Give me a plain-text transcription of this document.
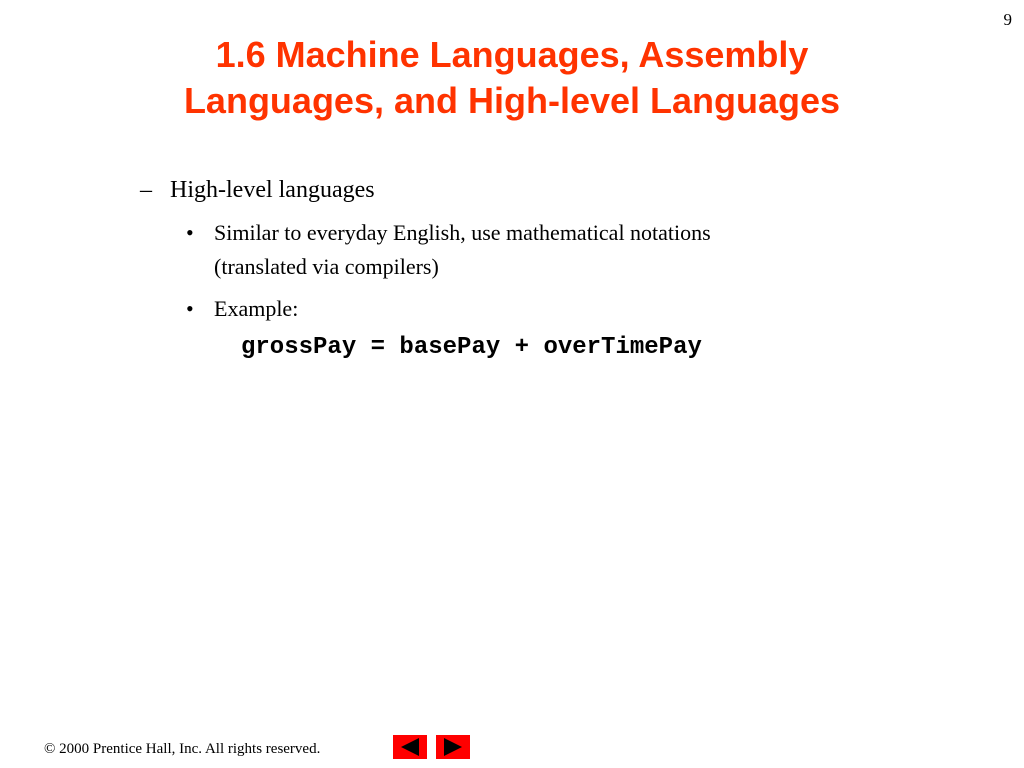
9
1.6 Machine Languages, Assembly
Languages, and High-level Languages
– High-level languages
• Similar to everyday English, use mathematical notations
(translated via compilers)
• Example:
grossPay = basePay + overTimePay
© 2000 Prentice Hall, Inc. All rights reserved.
